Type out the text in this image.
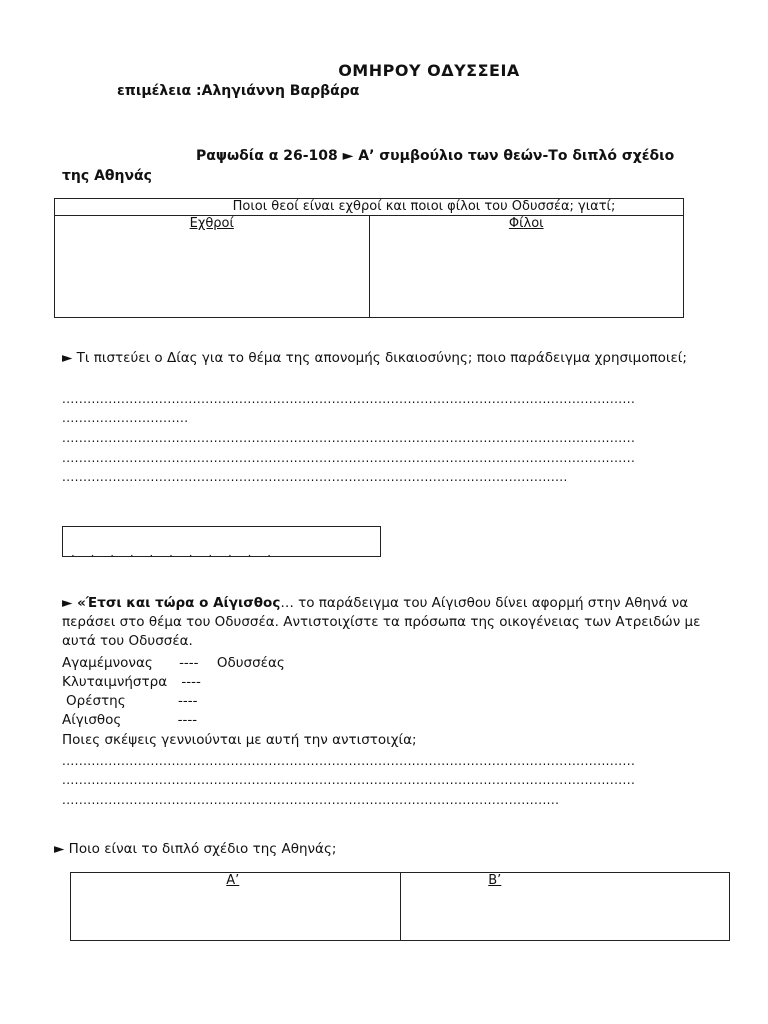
ΟΜΗΡΟΥ ΟΔΥΣΣΕΙΑ
επιμέλεια :Αληγιάννη Βαρβάρα
Ραψωδία α 26-108 ► Α’ συμβούλιο των θεών-Το διπλό σχέδιο της Αθηνάς
Ποιοι θεοί είναι εχθροί και ποιοι φίλοι του Οδυσσέα; γιατί;
Εχθροί	Φίλοι
► Τι πιστεύει ο Δίας για το θέμα της απονομής δικαιοσύνης; ποιο παράδειγμα χρησιμοποιεί;
........................................................................................................................................
..............................
........................................................................................................................................
........................................................................................................................................
........................................................................................................................
· · · · · · · · · · ·
► «Έτσι και τώρα ο Αίγισθος… το παράδειγμα του Αίγισθου δίνει αφορμή στην Αθηνά να περάσει στο θέμα του Οδυσσέα. Αντιστοιχίστε τα πρόσωπα της οικογένειας των Ατρειδών με αυτά του Οδυσσέα.
Αγαμέμνονας ---- Οδυσσέας
Κλυταιμνήστρα ----
Ορέστης	----
Αίγισθος	----
Ποιες σκέψεις γεννιούνται με αυτή την αντιστοιχία;
........................................................................................................................................
........................................................................................................................................
......................................................................................................................
► Ποιο είναι το διπλό σχέδιο της Αθηνάς;
Α’	Β’
